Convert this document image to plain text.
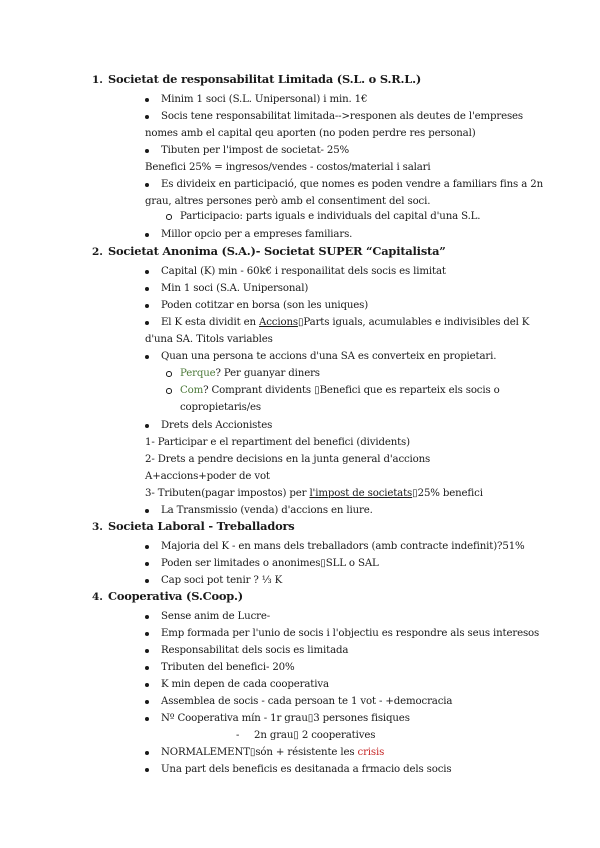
1. Societat de responsabilitat Limitada (S.L. o S.R.L.)
Minim 1 soci (S.L. Unipersonal) i min. 1€
Socis tene responsabilitat limitada-->responen als deutes de l'empreses
nomes amb el capital qeu aporten (no poden perdre res personal)
Tibuten per l'impost de societat- 25%
Benefici 25% = ingresos/vendes - costos/material i salari
Es divideix en participació, que nomes es poden vendre a familiars fins a 2n
grau, altres persones però amb el consentiment del soci.
Participacio: parts iguals e individuals del capital d'una S.L.
Millor opcio per a empreses familiars.
2. Societat Anonima (S.A.)- Societat SUPER “Capitalista”
Capital (K) min - 60k€ i responailitat dels socis es limitat
Min 1 soci (S.A. Unipersonal)
Poden cotitzar en borsa (son les uniques)
El K esta dividit en Accions▯Parts iguals, acumulables e indivisibles del K
d'una SA. Titols variables
Quan una persona te accions d'una SA es converteix en propietari.
Perque? Per guanyar diners
Com? Comprant dividents ▯Benefici que es reparteix els socis o
copropietaris/es
Drets dels Accionistes
1- Participar e el repartiment del benefici (dividents)
2- Drets a pendre decisions en la junta general d'accions
A+accions+poder de vot
3- Tributen(pagar impostos) per l'impost de societats▯25% benefici
La Transmissio (venda) d'accions en liure.
3. Societa Laboral - Treballadors
Majoria del K - en mans dels treballadors (amb contracte indefinit)?51%
Poden ser limitades o anonimes▯SLL o SAL
Cap soci pot tenir ? ⅓ K
4. Cooperativa (S.Coop.)
Sense anim de Lucre-
Emp formada per l'unio de socis i l'objectiu es respondre als seus interesos
Responsabilitat dels socis es limitada
Tributen del benefici- 20%
K min depen de cada cooperativa
Assemblea de socis - cada persoan te 1 vot - +democracia
Nº Cooperativa mín - 1r grau▯3 persones fisiques
- 2n grau▯ 2 cooperatives
NORMALEMENT▯són + résistente les crisis
Una part dels beneficis es desitanada a frmacio dels socis
